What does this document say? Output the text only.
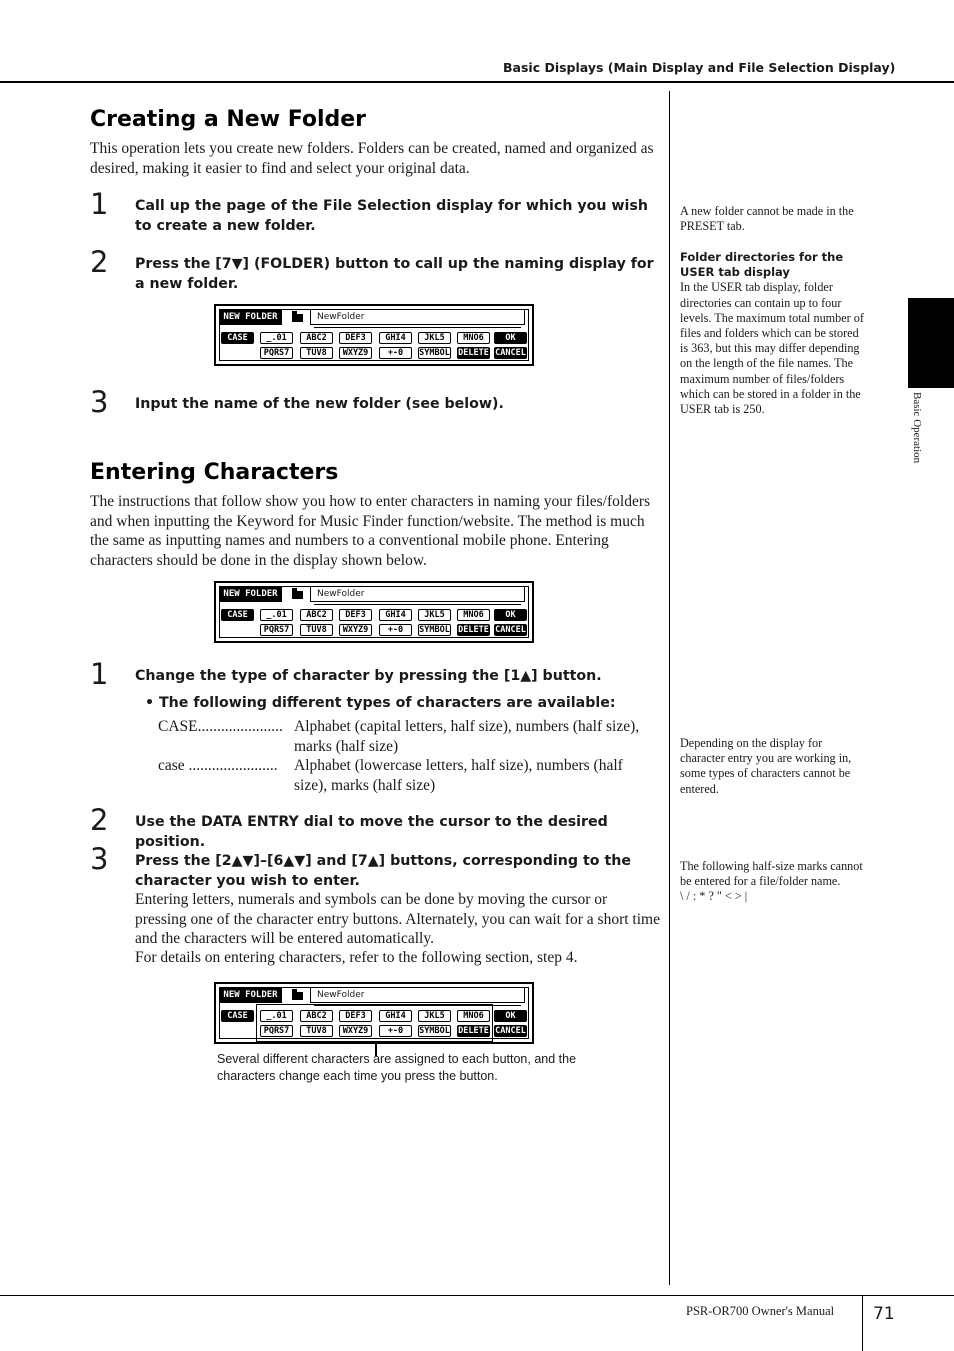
Basic Displays (Main Display and File Selection Display)
Basic Operation
Creating a New Folder
This operation lets you create new folders. Folders can be created, named and organized as desired, making it easier to find and select your original data.
1 Call up the page of the File Selection display for which you wish to create a new folder.
2 Press the [7▼] (FOLDER) button to call up the naming display for a new folder.
NEW FOLDER	NewFolder
CASE	_.01	ABC2	DEF3	GHI4	JKL5	MNO6	OK
PQRS7	TUV8	WXYZ9	+-0	SYMBOL DELETE CANCEL
3 Input the name of the new folder (see below).
Entering Characters
The instructions that follow show you how to enter characters in naming your files/folders and when inputting the Keyword for Music Finder function/website. The method is much the same as inputting names and numbers to a conventional mobile phone. Entering characters should be done in the display shown below.
NEW FOLDER	NewFolder
CASE	_.01	ABC2	DEF3	GHI4	JKL5	MNO6	OK
PQRS7	TUV8	WXYZ9	+-0	SYMBOL DELETE CANCEL
1 Change the type of character by pressing the [1▲] button.
• The following different types of characters are available:
CASE...................... Alphabet (capital letters, half size), numbers (half size), marks (half size)
case ....................... Alphabet (lowercase letters, half size), numbers (half size), marks (half size)
2 Use the DATA ENTRY dial to move the cursor to the desired position.
3 Press the [2▲▼]–[6▲▼] and [7▲] buttons, corresponding to the character you wish to enter.
Entering letters, numerals and symbols can be done by moving the cursor or pressing one of the character entry buttons. Alternately, you can wait for a short time and the characters will be entered automatically.
For details on entering characters, refer to the following section, step 4.
NEW FOLDER	NewFolder
CASE	_.01	ABC2	DEF3	GHI4	JKL5	MNO6	OK
PQRS7	TUV8	WXYZ9	+-0	SYMBOL DELETE CANCEL
Several different characters are assigned to each button, and the characters change each time you press the button.
A new folder cannot be made in the PRESET tab.
Folder directories for the USER tab display
In the USER tab display, folder directories can contain up to four levels. The maximum total number of files and folders which can be stored is 363, but this may differ depending on the length of the file names. The maximum number of files/folders which can be stored in a folder in the USER tab is 250.
Depending on the display for character entry you are working in, some types of characters cannot be entered.
The following half-size marks cannot be entered for a file/folder name.
\ / : * ? " < > |
PSR-OR700 Owner's Manual 71
